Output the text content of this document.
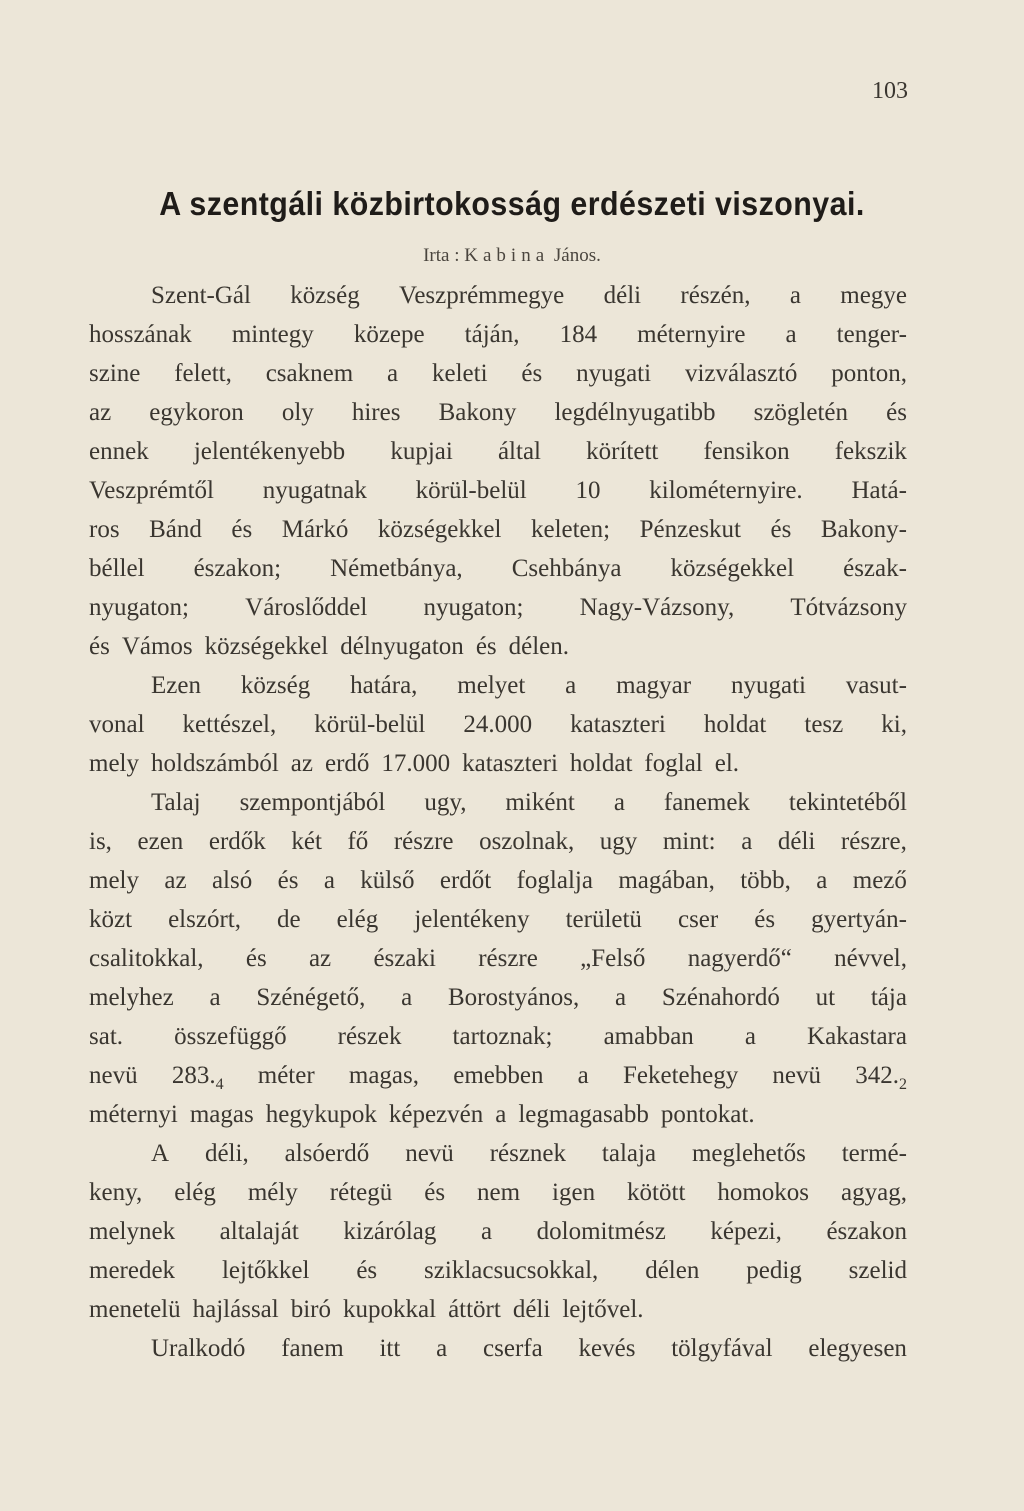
103
A szentgáli közbirtokosság erdészeti viszonyai.
Irta : Kabina János.
Szent-Gál község Veszprémmegye déli részén, a megye
hosszának mintegy közepe táján, 184 méternyire a tenger-
szine felett, csaknem a keleti és nyugati vizválasztó ponton,
az egykoron oly hires Bakony legdélnyugatibb szögletén és
ennek jelentékenyebb kupjai által körített fensikon fekszik
Veszprémtől nyugatnak körül-belül 10 kilométernyire. Hatá-
ros Bánd és Márkó községekkel keleten; Pénzeskut és Bakony-
béllel északon; Németbánya, Csehbánya községekkel észak-
nyugaton; Városlőddel nyugaton; Nagy-Vázsony, Tótvázsony
és Vámos községekkel délnyugaton és délen.
Ezen község határa, melyet a magyar nyugati vasut-
vonal kettészel, körül-belül 24.000 kataszteri holdat tesz ki,
mely holdszámból az erdő 17.000 kataszteri holdat foglal el.
Talaj szempontjából ugy, miként a fanemek tekintetéből
is, ezen erdők két fő részre oszolnak, ugy mint: a déli részre,
mely az alsó és a külső erdőt foglalja magában, több, a mező
közt elszórt, de elég jelentékeny területü cser és gyertyán-
csalitokkal, és az északi részre „Felső nagyerdő“ névvel,
melyhez a Szénégető, a Borostyános, a Szénahordó ut tája
sat. összefüggő részek tartoznak; amabban a Kakastara
nevü $283._4$ méter magas, emebben a Feketehegy nevü $342._2$
méternyi magas hegykupok képezvén a legmagasabb pontokat.
A déli, alsóerdő nevü résznek talaja meglehetős termé-
keny, elég mély rétegü és nem igen kötött homokos agyag,
melynek altalaját kizárólag a dolomitmész képezi, északon
meredek lejtőkkel és sziklacsucsokkal, délen pedig szelid
menetelü hajlással biró kupokkal áttört déli lejtővel.
Uralkodó fanem itt a cserfa kevés tölgyfával elegyesen
